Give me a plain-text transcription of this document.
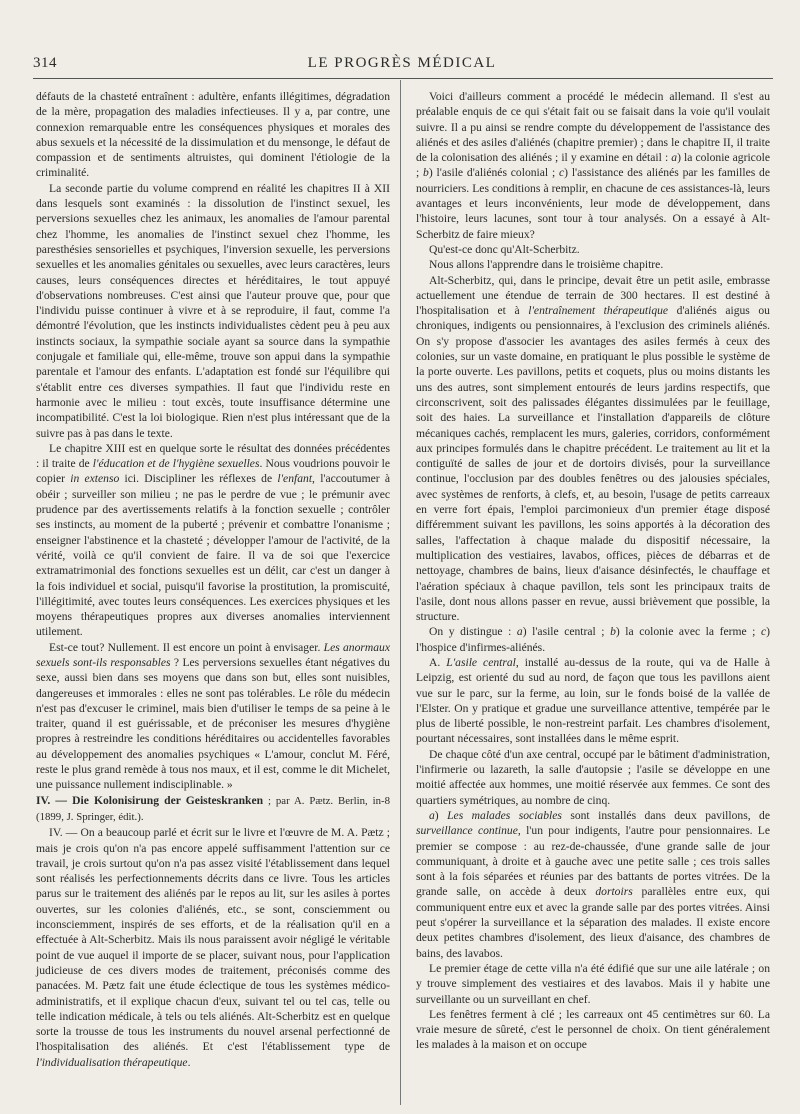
314	LE PROGRÈS MÉDICAL

défauts de la chasteté entraînent : adultère, enfants illégitimes, dégradation de la mère, propagation des maladies infectieuses. Il y a, par contre, une connexion remarquable entre les conséquences physiques et morales des abus sexuels et la nécessité de la dissimulation et du mensonge, le défaut de compassion et de sentiments altruistes, qui dominent l'étiologie de la criminalité.

La seconde partie du volume comprend en réalité les chapitres II à XII dans lesquels sont examinés : la dissolution de l'instinct sexuel, les perversions sexuelles chez les animaux, les anomalies de l'amour parental chez l'homme, les anomalies de l'instinct sexuel chez l'homme, les paresthésies sensorielles et psychiques, l'inversion sexuelle, les perversions sexuelles et les anomalies génitales ou sexuelles, avec leurs caractères, leurs causes, leurs conséquences directes et héréditaires, le tout appuyé d'observations nombreuses. C'est ainsi que l'auteur prouve que, pour que l'individu puisse continuer à vivre et à se reproduire, il faut, comme l'a démontré l'évolution, que les instincts individualistes cèdent peu à peu aux instincts sociaux, la sympathie sociale ayant sa source dans la sympathie conjugale et familiale qui, elle-même, trouve son appui dans la sympathie parentale et l'amour des enfants. L'adaptation est fondé sur l'équilibre qui s'établit entre ces diverses sympathies. Il faut que l'individu reste en harmonie avec le milieu : tout excès, toute insuffisance détermine une incompatibilité. C'est la loi biologique. Rien n'est plus intéressant que de la suivre pas à pas dans le texte.

Le chapitre XIII est en quelque sorte le résultat des données précédentes : il traite de l'éducation et de l'hygiène sexuelles. Nous voudrions pouvoir le copier in extenso ici. Discipliner les réflexes de l'enfant, l'accoutumer à obéir ; surveiller son milieu ; ne pas le perdre de vue ; le prémunir avec prudence par des avertissements relatifs à la fonction sexuelle ; contrôler ses instincts, au moment de la puberté ; prévenir et combattre l'onanisme ; enseigner l'abstinence et la chasteté ; développer l'amour de l'activité, de la vérité, voilà ce qu'il convient de faire. Il va de soi que l'exercice extramatrimonial des fonctions sexuelles est un délit, car c'est un danger à la fois individuel et social, puisqu'il favorise la prostitution, la promiscuité, l'illégitimité, avec toutes leurs conséquences. Les exercices physiques et les moyens thérapeutiques propres aux diverses anomalies interviennent utilement.

Est-ce tout? Nullement. Il est encore un point à envisager. Les anormaux sexuels sont-ils responsables ? Les perversions sexuelles étant négatives du sexe, aussi bien dans ses moyens que dans son but, elles sont nuisibles, dangereuses et immorales : elles ne sont pas tolérables. Le rôle du médecin n'est pas d'excuser le criminel, mais bien d'utiliser le temps de sa peine à le traiter, quand il est guérissable, et de préconiser les mesures d'hygiène propres à restreindre les conditions héréditaires ou accidentelles favorables au développement des anomalies psychiques « L'amour, conclut M. Féré, reste le plus grand remède à tous nos maux, et il est, comme le dit Michelet, une puissance nullement indisciplinable. »

IV. — Die Kolonisirung der Geisteskranken ; par A. Pætz. Berlin, in-8 (1899, J. Springer, édit.).

IV. — On a beaucoup parlé et écrit sur le livre et l'œuvre de M. A. Pætz ; mais je crois qu'on n'a pas encore appelé suffisamment l'attention sur ce travail, je crois surtout qu'on n'a pas assez visité l'établissement dans lequel sont réalisés les perfectionnements décrits dans ce livre. Tous les articles parus sur le traitement des aliénés par le repos au lit, sur les asiles à portes ouvertes, sur les colonies d'aliénés, etc., se sont, consciemment ou inconsciemment, inspirés de ses efforts, et de la réalisation qu'il en a effectuée à Alt-Scherbitz. Mais ils nous paraissent avoir négligé le véritable point de vue auquel il importe de se placer, suivant nous, pour l'application judicieuse de ces divers modes de traitement, préconisés comme des panacées. M. Pætz fait une étude éclectique de tous les systèmes médico-administratifs, et il explique chacun d'eux, suivant tel ou tel cas, telle ou telle indication médicale, à tels ou tels aliénés. Alt-Scherbitz est en quelque sorte la trousse de tous les instruments du nouvel arsenal perfectionné de l'hospitalisation des aliénés. Et c'est l'établissement type de l'individualisation thérapeutique.

Voici d'ailleurs comment a procédé le médecin allemand. Il s'est au préalable enquis de ce qui s'était fait ou se faisait dans la voie qu'il voulait suivre. Il a pu ainsi se rendre compte du développement de l'assistance des aliénés et des asiles d'aliénés (chapitre premier) ; dans le chapitre II, il traite de la colonisation des aliénés ; il y examine en détail : a) la colonie agricole ; b) l'asile d'aliénés colonial ; c) l'assistance des aliénés par les familles de nourriciers. Les conditions à remplir, en chacune de ces assistances-là, leurs avantages et leurs inconvénients, leur mode de développement, dans l'histoire, leurs lacunes, sont tour à tour analysés. On a essayé à Alt-Scherbitz de faire mieux?

Qu'est-ce donc qu'Alt-Scherbitz.

Nous allons l'apprendre dans le troisième chapitre.

Alt-Scherbitz, qui, dans le principe, devait être un petit asile, embrasse actuellement une étendue de terrain de 300 hectares. Il est destiné à l'hospitalisation et à l'entraînement thérapeutique d'aliénés aigus ou chroniques, indigents ou pensionnaires, à l'exclusion des criminels aliénés. On s'y propose d'associer les avantages des asiles fermés à ceux des colonies, sur un vaste domaine, en pratiquant le plus possible le système de la porte ouverte. Les pavillons, petits et coquets, plus ou moins distants les uns des autres, sont simplement entourés de leurs jardins respectifs, que circonscrivent, soit des palissades élégantes dissimulées par le feuillage, soit des haies. La surveillance et l'installation d'appareils de clôture mécaniques cachés, remplacent les murs, galeries, corridors, conformément aux principes formulés dans le chapitre précédent. Le traitement au lit et la contiguïté de salles de jour et de dortoirs divisés, pour la surveillance continue, l'occlusion par des doubles fenêtres ou des jalousies spéciales, avec systèmes de renforts, à clefs, et, au besoin, l'usage de petits carreaux en verre fort épais, l'emploi parcimonieux d'un premier étage disposé différemment suivant les pavillons, les soins apportés à la décoration des salles, l'affectation à chaque malade du dispositif nécessaire, la multiplication des vestiaires, lavabos, offices, pièces de débarras et de nettoyage, chambres de bains, lieux d'aisance désinfectés, le chauffage et l'aération spéciaux à chaque pavillon, tels sont les principaux traits de l'asile, dont nous allons passer en revue, aussi brièvement que possible, la structure.

On y distingue : a) l'asile central ; b) la colonie avec la ferme ; c) l'hospice d'infirmes-aliénés.

A. L'asile central, installé au-dessus de la route, qui va de Halle à Leipzig, est orienté du sud au nord, de façon que tous les pavillons aient vue sur le parc, sur la ferme, au loin, sur le fonds boisé de la vallée de l'Elster. On y pratique et gradue une surveillance attentive, tempérée par le plus de liberté possible, le non-restreint parfait. Les chambres d'isolement, pourtant nécessaires, sont installées dans le même esprit.

De chaque côté d'un axe central, occupé par le bâtiment d'administration, l'infirmerie ou lazareth, la salle d'autopsie ; l'asile se développe en une moitié affectée aux hommes, une moitié réservée aux femmes. Ce sont des quartiers symétriques, au nombre de cinq.

a) Les malades sociables sont installés dans deux pavillons, de surveillance continue, l'un pour indigents, l'autre pour pensionnaires. Le premier se compose : au rez-de-chaussée, d'une grande salle de jour communiquant, à droite et à gauche avec une petite salle ; ces trois salles sont à la fois séparées et réunies par des battants de portes vitrées. De la grande salle, on accède à deux dortoirs parallèles entre eux, qui communiquent entre eux et avec la grande salle par des portes vitrées. Ainsi peut s'opérer la surveillance et la séparation des malades. Il existe encore deux petites chambres d'isolement, des lieux d'aisance, des chambres de bains, des lavabos.

Le premier étage de cette villa n'a été édifié que sur une aile latérale ; on y trouve simplement des vestiaires et des lavabos. Mais il y habite une surveillante ou un surveillant en chef.

Les fenêtres ferment à clé ; les carreaux ont 45 centimètres sur 60. La vraie mesure de sûreté, c'est le personnel de choix. On tient généralement les malades à la maison et on occupe
